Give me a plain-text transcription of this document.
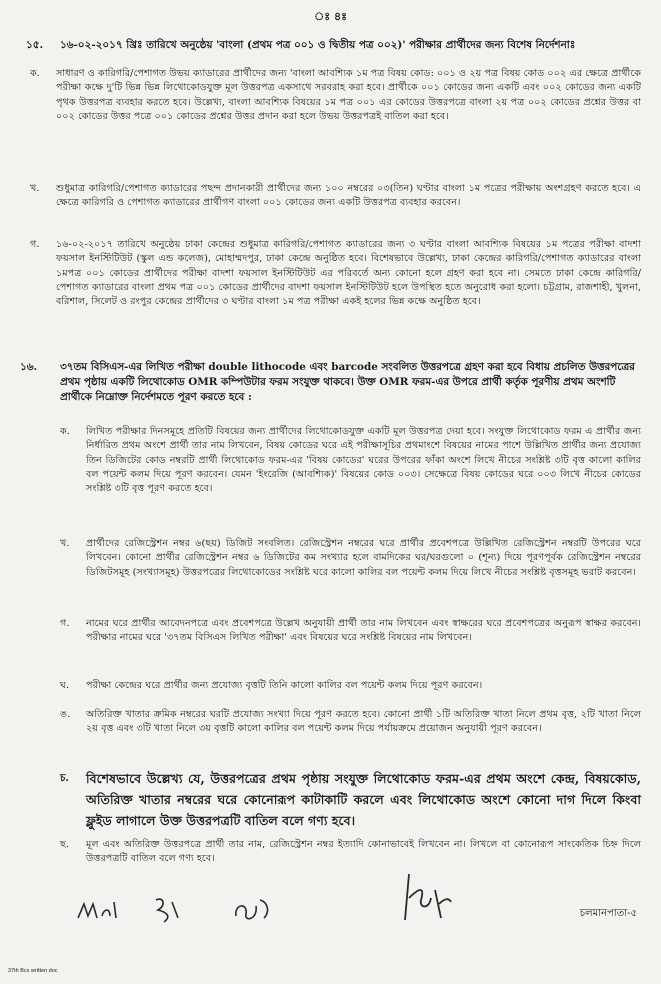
ঃ ৪ঃ
১৫. ১৬-০২-২০১৭ খ্রিঃ তারিখে অনুষ্ঠেয় 'বাংলা (প্রথম পত্র ০০১ ও দ্বিতীয় পত্র ০০২)' পরীক্ষার প্রার্থীদের জন্য বিশেষ নির্দেশনাঃ
ক. সাধারণ ও কারিগরি/পেশাগত উভয় ক্যাডারের প্রার্থীদের জন্য 'বাংলা আবশ্যিক ১ম পত্র বিষয় কোড: ০০১ ও ২য় পত্র বিষয় কোড ০০২ এর ক্ষেত্রে প্রার্থীকে পরীক্ষা কক্ষে দু'টি ভিন্ন ভিন্ন লিথোকোডযুক্ত মূল উত্তরপত্র একসাথে সরবরাহ করা হবে। প্রার্থীকে ০০১ কোডের জন্য একটি এবং ০০২ কোডের জন্য একটি পৃথক উত্তরপত্র ব্যবহার করতে হবে। উল্লেখ্য, বাংলা আবশ্যিক বিষয়ের ১ম পত্র ০০১ এর কোডের উত্তরপত্রে বাংলা ২য় পত্র ০০২ কোডের প্রশ্নের উত্তর বা ০০২ কোডের উত্তর পত্রে ০০১ কোডের প্রশ্নের উত্তর প্রদান করা হলে উভয় উত্তরপত্রই বাতিল করা হবে।
খ. শুধুমাত্র কারিগরি/পেশাগত ক্যাডারের পছন্দ প্রদানকারী প্রার্থীদের জন্য ১০০ নম্বরের ০৩(তিন) ঘণ্টার বাংলা ১ম পত্রের পরীক্ষায় অংশগ্রহণ করতে হবে। এ ক্ষেত্রে কারিগরি ও পেশাগত ক্যাডারের প্রার্থীগণ বাংলা ০০১ কোডের জন্য একটি উত্তরপত্র ব্যবহার করবেন।
গ. ১৬-০২-২০১৭ তারিখে অনুষ্ঠেয় ঢাকা কেন্দ্রের শুধুমাত্র কারিগরি/পেশাগত ক্যাডারের জন্য ৩ ঘণ্টার বাংলা আবশ্যিক বিষয়ের ১ম পত্রের পরীক্ষা বাদশা ফয়সাল ইনস্টিটিউট (স্কুল এন্ড কলেজ), মোহাম্মদপুর, ঢাকা কেন্দ্রে অনুষ্ঠিত হবে। বিশেষভাবে উল্লেখ্য, ঢাকা কেন্দ্রের কারিগরি/পেশাগত ক্যাডারের বাংলা ১মপত্র ০০১ কোডের প্রার্থীদের পরীক্ষা বাদশা ফয়সাল ইনস্টিটিউট এর পরিবর্তে অন্য কোনো হলে গ্রহণ করা হবে না। সেমতে ঢাকা কেন্দ্রে কারিগরি/পেশাগত ক্যাডারের বাংলা প্রথম পত্র ০০১ কোডের প্রার্থীদের বাদশা ফয়সাল ইনস্টিটিউট হলে উপস্থিত হতে অনুরোধ করা হলো। চট্টগ্রাম, রাজশাহী, খুলনা, বরিশাল, সিলেট ও রংপুর কেন্দ্রের প্রার্থীদের ৩ ঘণ্টার বাংলা ১ম পত্র পরীক্ষা একই হলের ভিন্ন কক্ষে অনুষ্ঠিত হবে।
১৬. ৩৭তম বিসিএস-এর লিখিত পরীক্ষা double lithocode এবং barcode সংবলিত উত্তরপত্রে গ্রহণ করা হবে বিধায় প্রচলিত উত্তরপত্রের প্রথম পৃষ্ঠায় একটি লিথোকোড OMR কম্পিউটার ফরম সংযুক্ত থাকবে। উক্ত OMR ফরম-এর উপরে প্রার্থী কর্তৃক পূরণীয় প্রথম অংশটি প্রার্থীকে নিম্নোক্ত নির্দেশমতে পূরণ করতে হবে :
ক. লিখিত পরীক্ষার দিনসমূহে প্রতিটি বিষয়ের জন্য প্রার্থীদের লিথোকোডযুক্ত একটি মূল উত্তরপত্র দেয়া হবে। সংযুক্ত লিথোকোড ফরম এ প্রার্থীর জন্য নির্ধারিত প্রথম অংশে প্রার্থী তার নাম লিখবেন, বিষয় কোডের ঘরে এই পরীক্ষাসূচির প্রথমাংশে বিষয়ের নামের পাশে উল্লিখিত প্রার্থীর জন্য প্রযোজ্য তিন ডিজিটের কোড নম্বরটি প্রার্থী লিথোকোড ফরম-এর 'বিষয় কোডের' ঘরের উপরের ফাঁকা অংশে লিখে নীচের সংশ্লিষ্ট ৩টি বৃত্ত কালো কালির বল পয়েন্ট কলম দিয়ে পূরণ করবেন। যেমন 'ইংরেজি (আবশ্যিক)' বিষয়ের কোড ০০৩। সেক্ষেত্রে বিষয় কোডের ঘরে ০০৩ লিখে নীচের কোডের সংশ্লিষ্ট ৩টি বৃত্ত পূরণ করতে হবে।
খ. প্রার্থীদের রেজিস্ট্রেশন নম্বর ৬(ছয়) ডিজিট সংবলিত। রেজিস্ট্রেশন নম্বরের ঘরে প্রার্থীর প্রবেশপত্রে উল্লিখিত রেজিস্ট্রেশন নম্বরটি উপরের ঘরে লিখবেন। কোনো প্রার্থীর রেজিস্ট্রেশন নম্বর ৬ ডিজিটের কম সংখ্যার হলে বামদিকের ঘর/ঘরগুলো ০ (শূন্য) দিয়ে পূরণপূর্বক রেজিস্ট্রেশন নম্বরের ডিজিটসমূহ (সংখ্যাসমূহ) উত্তরপত্রের লিথোকোডের সংশ্লিষ্ট ঘরে কালো কালির বল পয়েন্ট কলম দিয়ে লিখে নীচের সংশ্লিষ্ট বৃত্তসমূহ ভরাট করবেন।
গ. নামের ঘরে প্রার্থীর আবেদনপত্রে এবং প্রবেশপত্রে উল্লেখ অনুযায়ী প্রার্থী তার নাম লিখবেন এবং স্বাক্ষরের ঘরে প্রবেশপত্রের অনুরূপ স্বাক্ষর করবেন। পরীক্ষার নামের ঘরে '৩৭তম বিসিএস লিখিত পরীক্ষা' এবং বিষয়ের ঘরে সংশ্লিষ্ট বিষয়ের নাম লিখবেন।
ঘ. পরীক্ষা কেন্দ্রের ঘরে প্রার্থীর জন্য প্রযোজ্য বৃত্তটি তিনি কালো কালির বল পয়েন্ট কলম দিয়ে পূরণ করবেন।
ঙ. অতিরিক্ত খাতার ক্রমিক নম্বরের ঘরটি প্রযোজ্য সংখ্যা দিয়ে পূরণ করতে হবে। কোনো প্রার্থী ১টি অতিরিক্ত খাতা নিলে প্রথম বৃত্ত, ২টি খাতা নিলে ২য় বৃত্ত এবং ৩টি খাতা নিলে ৩য় বৃত্তটি কালো কালির বল পয়েন্ট কলম দিয়ে পর্যায়ক্রমে প্রয়োজন অনুযায়ী পূরণ করবেন।
চ. বিশেষভাবে উল্লেখ্য যে, উত্তরপত্রের প্রথম পৃষ্ঠায় সংযুক্ত লিথোকোড ফরম-এর প্রথম অংশে কেন্দ্র, বিষয়কোড, অতিরিক্ত খাতার নম্বরের ঘরে কোনোরূপ কাটাকাটি করলে এবং লিথোকোড অংশে কোনো দাগ দিলে কিংবা ফ্লুইড লাগালে উক্ত উত্তরপত্রটি বাতিল বলে গণ্য হবে।
ছ. মূল এবং অতিরিক্ত উত্তরপত্রে প্রার্থী তার নাম, রেজিস্ট্রেশন নম্বর ইত্যাদি কোনাভাবেই লিখবেন না। লিখলে বা কোনোরূপ সাংকেতিক চিহ্ন দিলে উত্তরপত্রটি বাতিল বলে গণ্য হবে।
চলমানপাতা-৫
37th Bcs written doc
